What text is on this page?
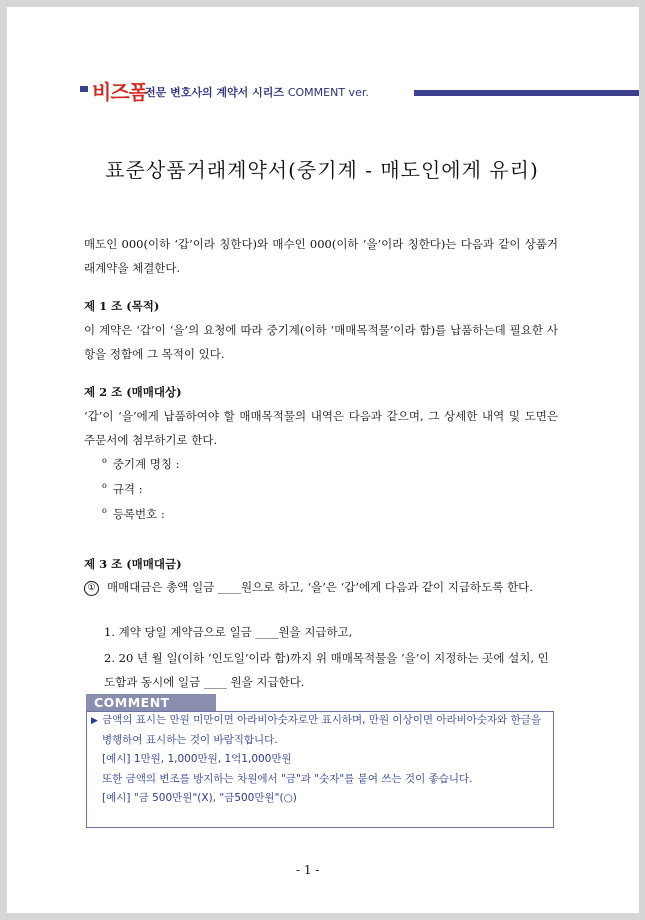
비즈폼
전문 변호사의 계약서 시리즈 COMMENT ver.
표준상품거래계약서(중기계 - 매도인에게 유리)
매도인 000(이하 ‘갑’이라 칭한다)와 매수인 000(이하 ‘을’이라 칭한다)는 다음과 같이 상품거래계약을 체결한다.
제 1 조 (목적)
이 계약은 ‘갑’이 ‘을’의 요청에 따라 중기계(이하 ‘매매목적물’이라 함)를 납품하는데 필요한 사항을 정함에 그 목적이 있다.
제 2 조 (매매대상)
‘갑’이 ‘을’에게 납품하여야 할 매매목적물의 내역은 다음과 같으며, 그 상세한 내역 및 도면은 주문서에 첨부하기로 한다.
$^o$ 중기계 명칭 :
$^o$ 규격 :
$^o$ 등록번호 :
제 3 조 (매매대금)
① 매매대금은 총액 일금 ____원으로 하고, ‘을’은 ‘갑’에게 다음과 같이 지급하도록 한다.
1. 계약 당일 계약금으로 일금 ____원을 지급하고,
2. 20 년 월 일(이하 ‘인도일’이라 함)까지 위 매매목적물을 ‘을’이 지정하는 곳에 설치, 인도함과 동시에 일금 ____ 원을 지급한다.
COMMENT
▶ 금액의 표시는 만원 미만이면 아라비아숫자로만 표시하며, 만원 이상이면 아라비아숫자와 한글을 병행하여 표시하는 것이 바람직합니다.
[예시] 1만원, 1,000만원, 1억1,000만원
또한 금액의 변조를 방지하는 차원에서 "금"과 "숫자"를 붙여 쓰는 것이 좋습니다.
[예시] "금 500만원"(X), "금500만원"(○)
- 1 -
